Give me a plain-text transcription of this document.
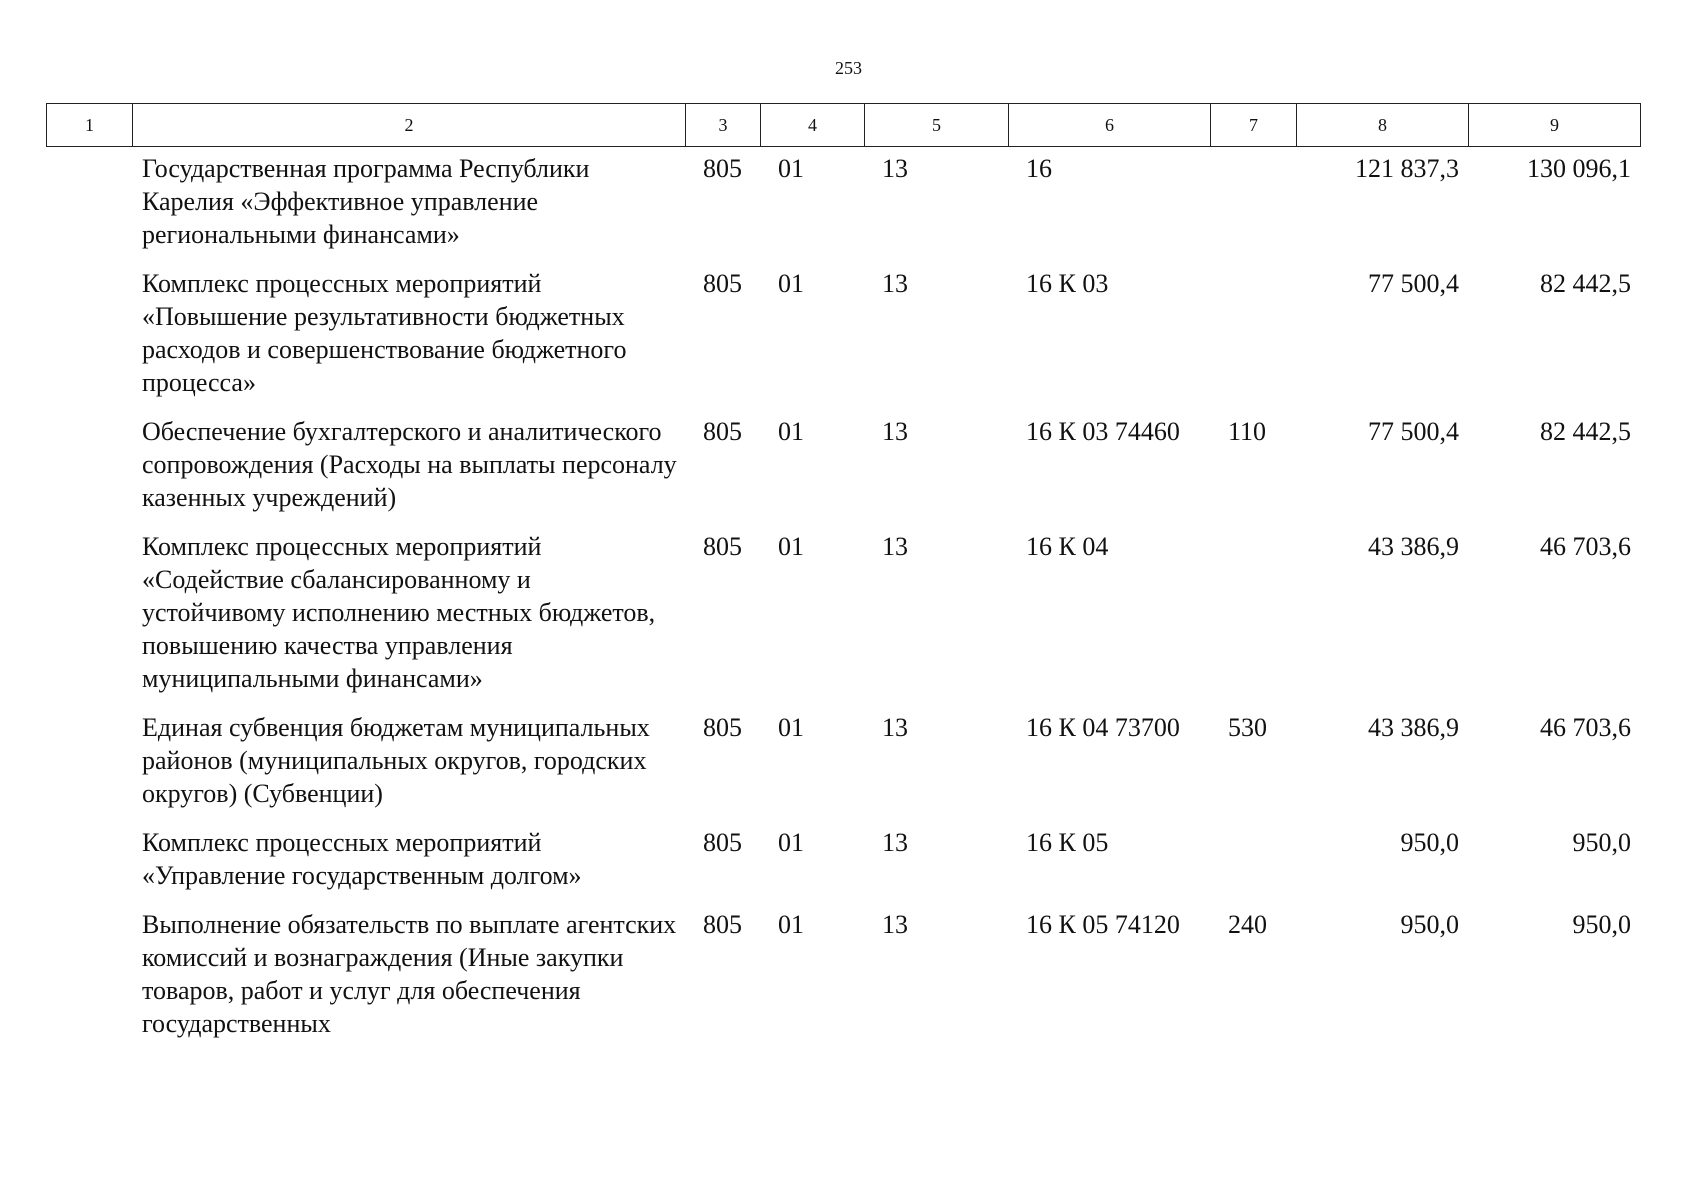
253
1	2	3	4	5	6	7	8	9
	Государственная программа Республики Карелия «Эффективное управление региональными финансами»	805	01	13	16		121 837,3	130 096,1
	Комплекс процессных мероприятий «Повышение результативности бюджетных расходов и совершенствование бюджетного процесса»	805	01	13	16 К 03		77 500,4	82 442,5
	Обеспечение бухгалтерского и аналитического сопровождения (Расходы на выплаты персоналу казенных учреждений)	805	01	13	16 К 03 74460	110	77 500,4	82 442,5
	Комплекс процессных мероприятий «Содействие сбалансированному и устойчивому исполнению местных бюджетов, повышению качества управления муниципальными финансами»	805	01	13	16 К 04		43 386,9	46 703,6
	Единая субвенция бюджетам муниципальных районов (муниципальных округов, городских округов) (Субвенции)	805	01	13	16 К 04 73700	530	43 386,9	46 703,6
	Комплекс процессных мероприятий «Управление государственным долгом»	805	01	13	16 К 05		950,0	950,0
	Выполнение обязательств по выплате агентских комиссий и вознаграждения (Иные закупки товаров, работ и услуг для обеспечения государственных	805	01	13	16 К 05 74120	240	950,0	950,0
